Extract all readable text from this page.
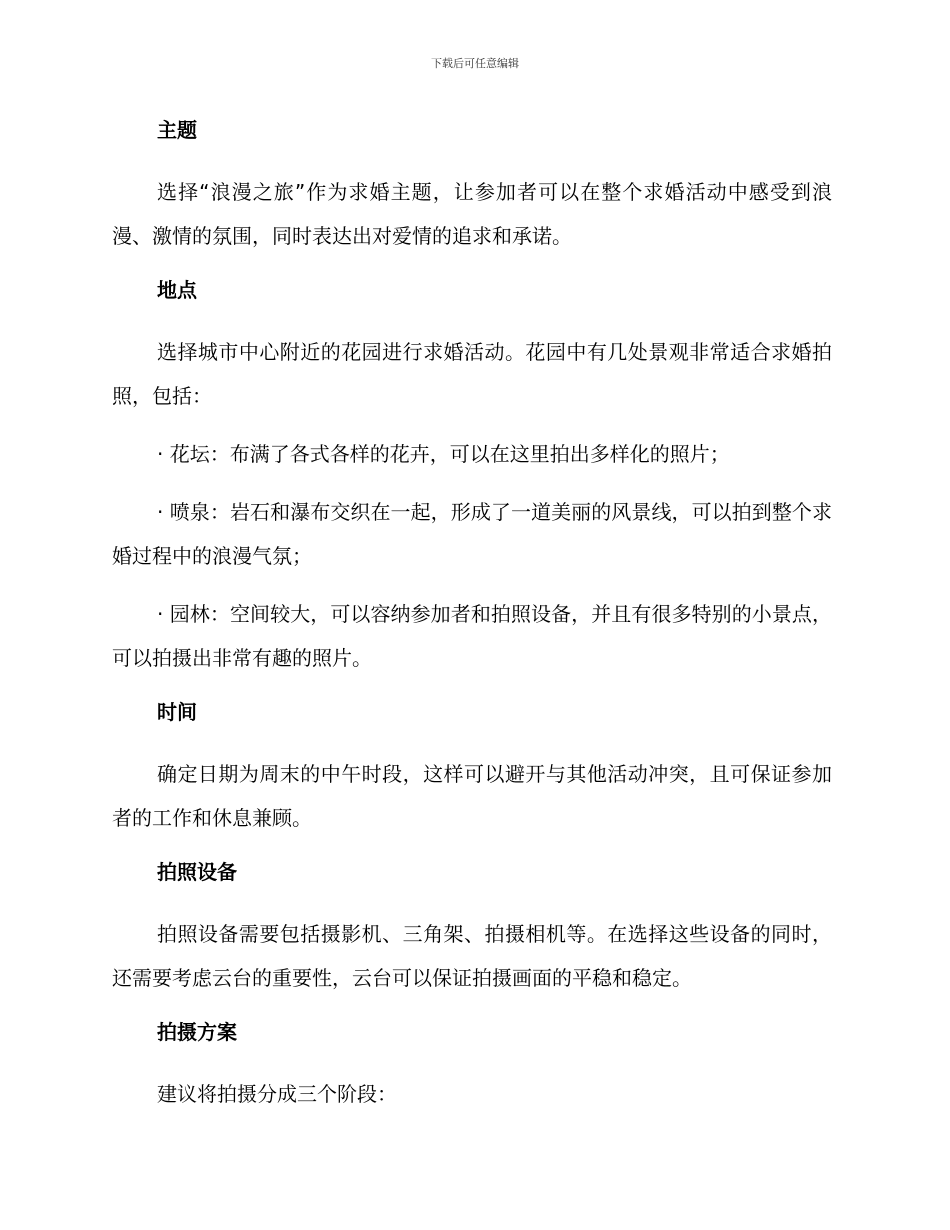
下载后可任意编辑
主题

选择“浪漫之旅”作为求婚主题，让参加者可以在整个求婚活动中感受到浪漫、激情的氛围，同时表达出对爱情的追求和承诺。

地点

选择城市中心附近的花园进行求婚活动。花园中有几处景观非常适合求婚拍照，包括：

· 花坛：布满了各式各样的花卉，可以在这里拍出多样化的照片；

· 喷泉：岩石和瀑布交织在一起，形成了一道美丽的风景线，可以拍到整个求婚过程中的浪漫气氛；

· 园林：空间较大，可以容纳参加者和拍照设备，并且有很多特别的小景点，可以拍摄出非常有趣的照片。

时间

确定日期为周末的中午时段，这样可以避开与其他活动冲突，且可保证参加者的工作和休息兼顾。

拍照设备

拍照设备需要包括摄影机、三角架、拍摄相机等。在选择这些设备的同时，还需要考虑云台的重要性，云台可以保证拍摄画面的平稳和稳定。

拍摄方案

建议将拍摄分成三个阶段：
